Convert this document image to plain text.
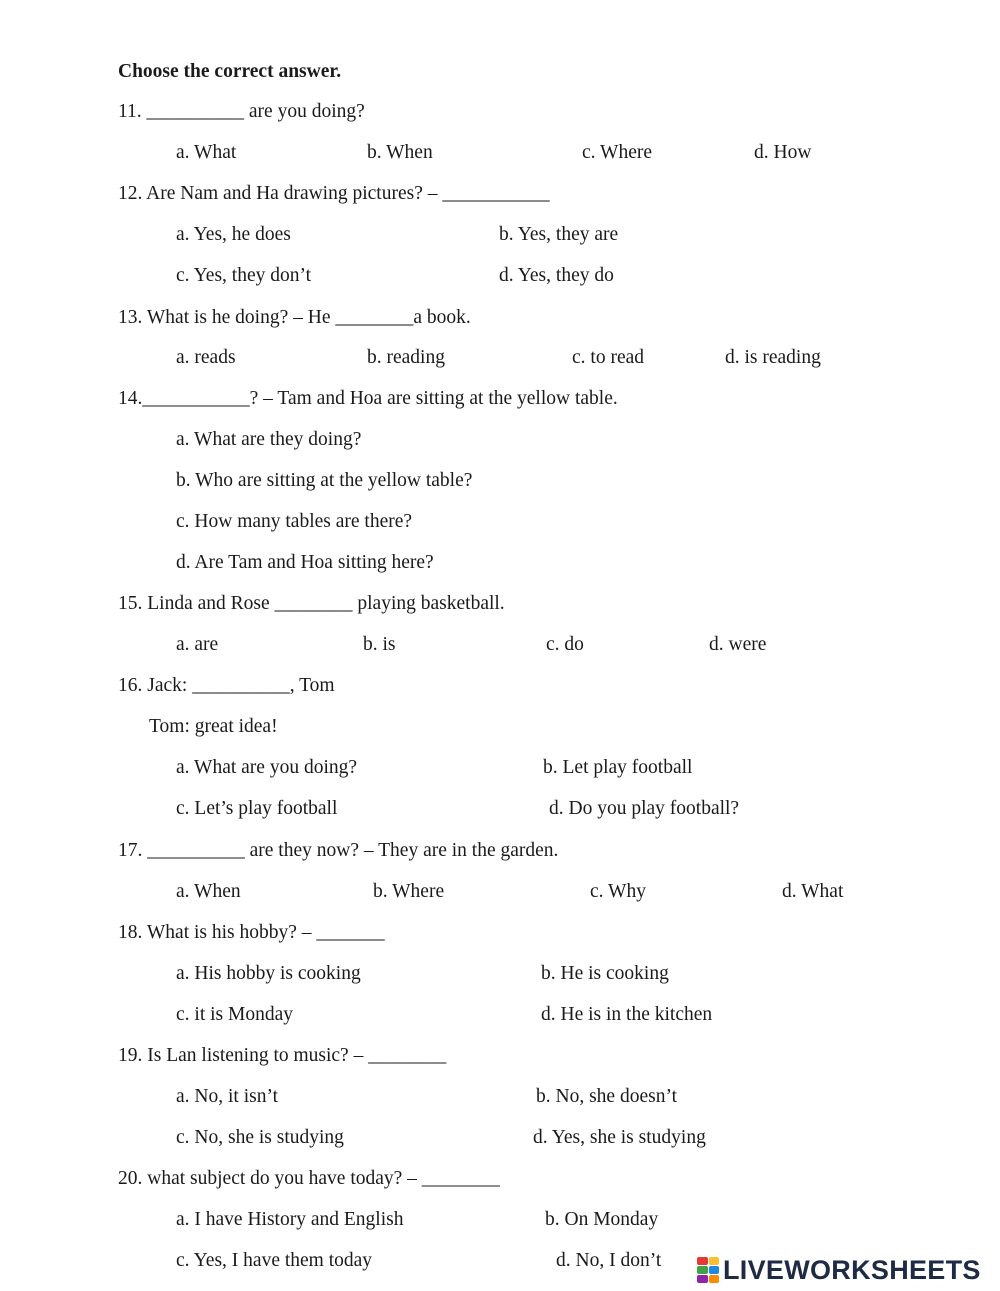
Choose the correct answer.
11. __________ are you doing?
a. What	b. When	c. Where	d. How
12. Are Nam and Ha drawing pictures? – ___________
a. Yes, he does	b. Yes, they are
c. Yes, they don’t	d. Yes, they do
13. What is he doing? – He ________a book.
a. reads	b. reading	c. to read	d. is reading
14.___________? – Tam and Hoa are sitting at the yellow table.
a. What are they doing?
b. Who are sitting at the yellow table?
c. How many tables are there?
d. Are Tam and Hoa sitting here?
15. Linda and Rose ________ playing basketball.
a. are	b. is	c. do	d. were
16. Jack: __________, Tom
Tom: great idea!
a. What are you doing?	b. Let play football
c. Let’s play football	d. Do you play football?
17. __________ are they now? – They are in the garden.
a. When	b. Where	c. Why	d. What
18. What is his hobby? – _______
a. His hobby is cooking	b. He is cooking
c. it is Monday	d. He is in the kitchen
19. Is Lan listening to music? – ________
a. No, it isn’t	b. No, she doesn’t
c. No, she is studying	d. Yes, she is studying
20. what subject do you have today? – ________
a. I have History and English	b. On Monday
c. Yes, I have them today	d. No, I don’t LIVEWORKSHEETS
